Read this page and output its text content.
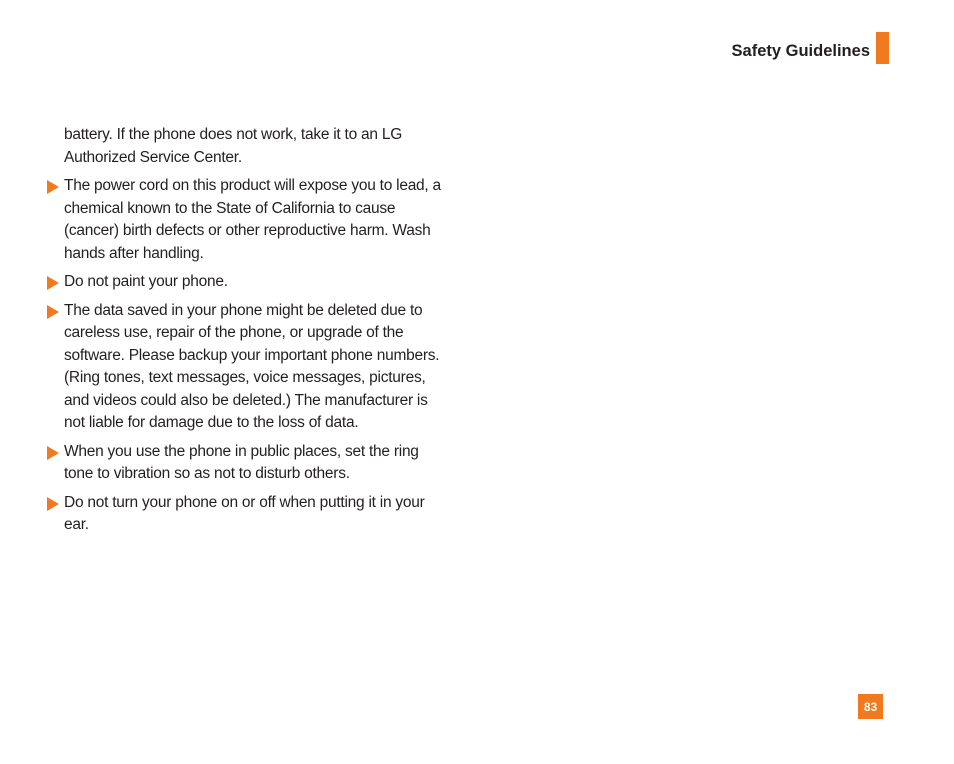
Safety Guidelines

battery. If the phone does not work, take it to an LG Authorized Service Center.

The power cord on this product will expose you to lead, a chemical known to the State of California to cause (cancer) birth defects or other reproductive harm. Wash hands after handling.

Do not paint your phone.

The data saved in your phone might be deleted due to careless use, repair of the phone, or upgrade of the software. Please backup your important phone numbers. (Ring tones, text messages, voice messages, pictures, and videos could also be deleted.) The manufacturer is not liable for damage due to the loss of data.

When you use the phone in public places, set the ring tone to vibration so as not to disturb others.

Do not turn your phone on or off when putting it in your ear.

83
